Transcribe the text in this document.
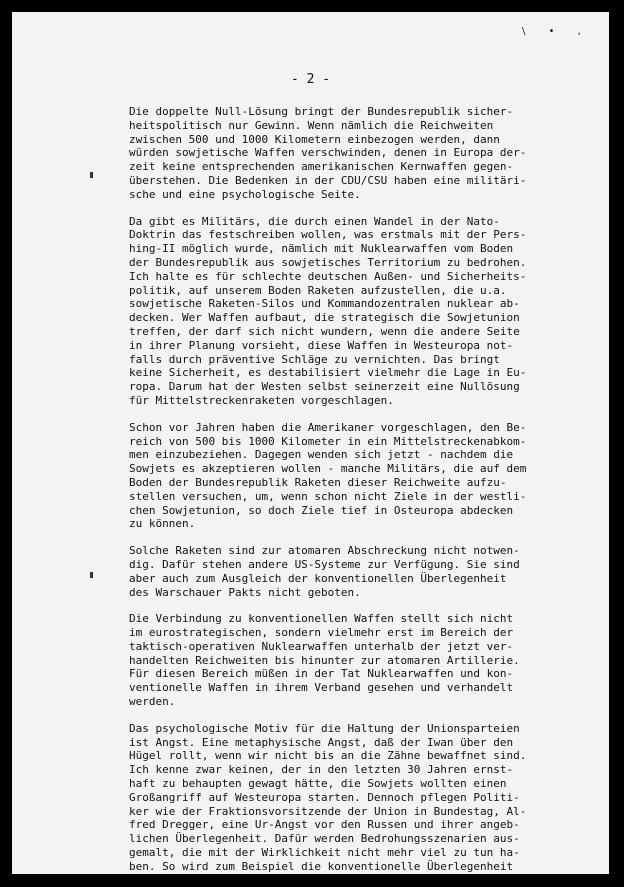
\ • ,
- 2 -
Die doppelte Null-Lösung bringt der Bundesrepublik sicher-
heitspolitisch nur Gewinn. Wenn nämlich die Reichweiten
zwischen 500 und 1000 Kilometern einbezogen werden, dann
würden sowjetische Waffen verschwinden, denen in Europa der-
zeit keine entsprechenden amerikanischen Kernwaffen gegen-
überstehen. Die Bedenken in der CDU/CSU haben eine militäri-
sche und eine psychologische Seite.
Da gibt es Militärs, die durch einen Wandel in der Nato-
Doktrin das festschreiben wollen, was erstmals mit der Pers-
hing-II möglich wurde, nämlich mit Nuklearwaffen vom Boden
der Bundesrepublik aus sowjetisches Territorium zu bedrohen.
Ich halte es für schlechte deutschen Außen- und Sicherheits-
politik, auf unserem Boden Raketen aufzustellen, die u.a.
sowjetische Raketen-Silos und Kommandozentralen nuklear ab-
decken. Wer Waffen aufbaut, die strategisch die Sowjetunion
treffen, der darf sich nicht wundern, wenn die andere Seite
in ihrer Planung vorsieht, diese Waffen in Westeuropa not-
falls durch präventive Schläge zu vernichten. Das bringt
keine Sicherheit, es destabilisiert vielmehr die Lage in Eu-
ropa. Darum hat der Westen selbst seinerzeit eine Nullösung
für Mittelstreckenraketen vorgeschlagen.
Schon vor Jahren haben die Amerikaner vorgeschlagen, den Be-
reich von 500 bis 1000 Kilometer in ein Mittelstreckenabkom-
men einzubeziehen. Dagegen wenden sich jetzt - nachdem die
Sowjets es akzeptieren wollen - manche Militärs, die auf dem
Boden der Bundesrepublik Raketen dieser Reichweite aufzu-
stellen versuchen, um, wenn schon nicht Ziele in der westli-
chen Sowjetunion, so doch Ziele tief in Osteuropa abdecken
zu können.
Solche Raketen sind zur atomaren Abschreckung nicht notwen-
dig. Dafür stehen andere US-Systeme zur Verfügung. Sie sind
aber auch zum Ausgleich der konventionellen Überlegenheit
des Warschauer Pakts nicht geboten.
Die Verbindung zu konventionellen Waffen stellt sich nicht
im eurostrategischen, sondern vielmehr erst im Bereich der
taktisch-operativen Nuklearwaffen unterhalb der jetzt ver-
handelten Reichweiten bis hinunter zur atomaren Artillerie.
Für diesen Bereich müßen in der Tat Nuklearwaffen und kon-
ventionelle Waffen in ihrem Verband gesehen und verhandelt
werden.
Das psychologische Motiv für die Haltung der Unionsparteien
ist Angst. Eine metaphysische Angst, daß der Iwan über den
Hügel rollt, wenn wir nicht bis an die Zähne bewaffnet sind.
Ich kenne zwar keinen, der in den letzten 30 Jahren ernst-
haft zu behaupten gewagt hätte, die Sowjets wollten einen
Großangriff auf Westeuropa starten. Dennoch pflegen Politi-
ker wie der Fraktionsvorsitzende der Union in Bundestag, Al-
fred Dregger, eine Ur-Angst vor den Russen und ihrer angeb-
lichen Überlegenheit. Dafür werden Bedrohungsszenarien aus-
gemalt, die mit der Wirklichkeit nicht mehr viel zu tun ha-
ben. So wird zum Beispiel die konventionelle Überlegenheit
